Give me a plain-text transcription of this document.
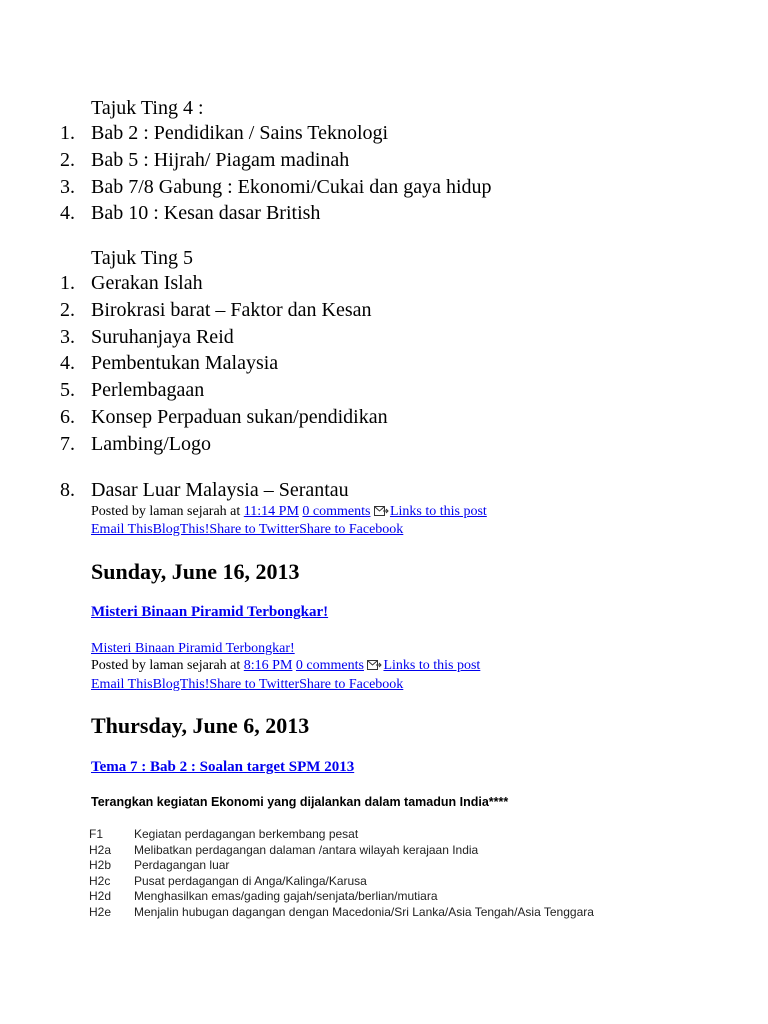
Tajuk Ting 4 :
1. Bab 2 : Pendidikan / Sains Teknologi
2. Bab 5 : Hijrah/ Piagam madinah
3. Bab 7/8 Gabung : Ekonomi/Cukai dan gaya hidup
4. Bab 10 : Kesan dasar British
Tajuk Ting 5
1. Gerakan Islah
2. Birokrasi barat – Faktor dan Kesan
3. Suruhanjaya Reid
4. Pembentukan Malaysia
5. Perlembagaan
6. Konsep Perpaduan sukan/pendidikan
7. Lambing/Logo
8. Dasar Luar Malaysia – Serantau
Posted by laman sejarah at 11:14 PM 0 comments Links to this post
Email ThisBlogThis!Share to TwitterShare to Facebook
Sunday, June 16, 2013
Misteri Binaan Piramid Terbongkar!
Misteri Binaan Piramid Terbongkar!
Posted by laman sejarah at 8:16 PM 0 comments Links to this post
Email ThisBlogThis!Share to TwitterShare to Facebook
Thursday, June 6, 2013
Tema 7 : Bab 2 : Soalan target SPM 2013
Terangkan kegiatan Ekonomi yang dijalankan dalam tamadun India****
F1	Kegiatan perdagangan berkembang pesat
H2a Melibatkan perdagangan dalaman /antara wilayah kerajaan India
H2b Perdagangan luar
H2c Pusat perdagangan di Anga/Kalinga/Karusa
H2d Menghasilkan emas/gading gajah/senjata/berlian/mutiara
H2e Menjalin hubugan dagangan dengan Macedonia/Sri Lanka/Asia Tengah/Asia Tenggara
